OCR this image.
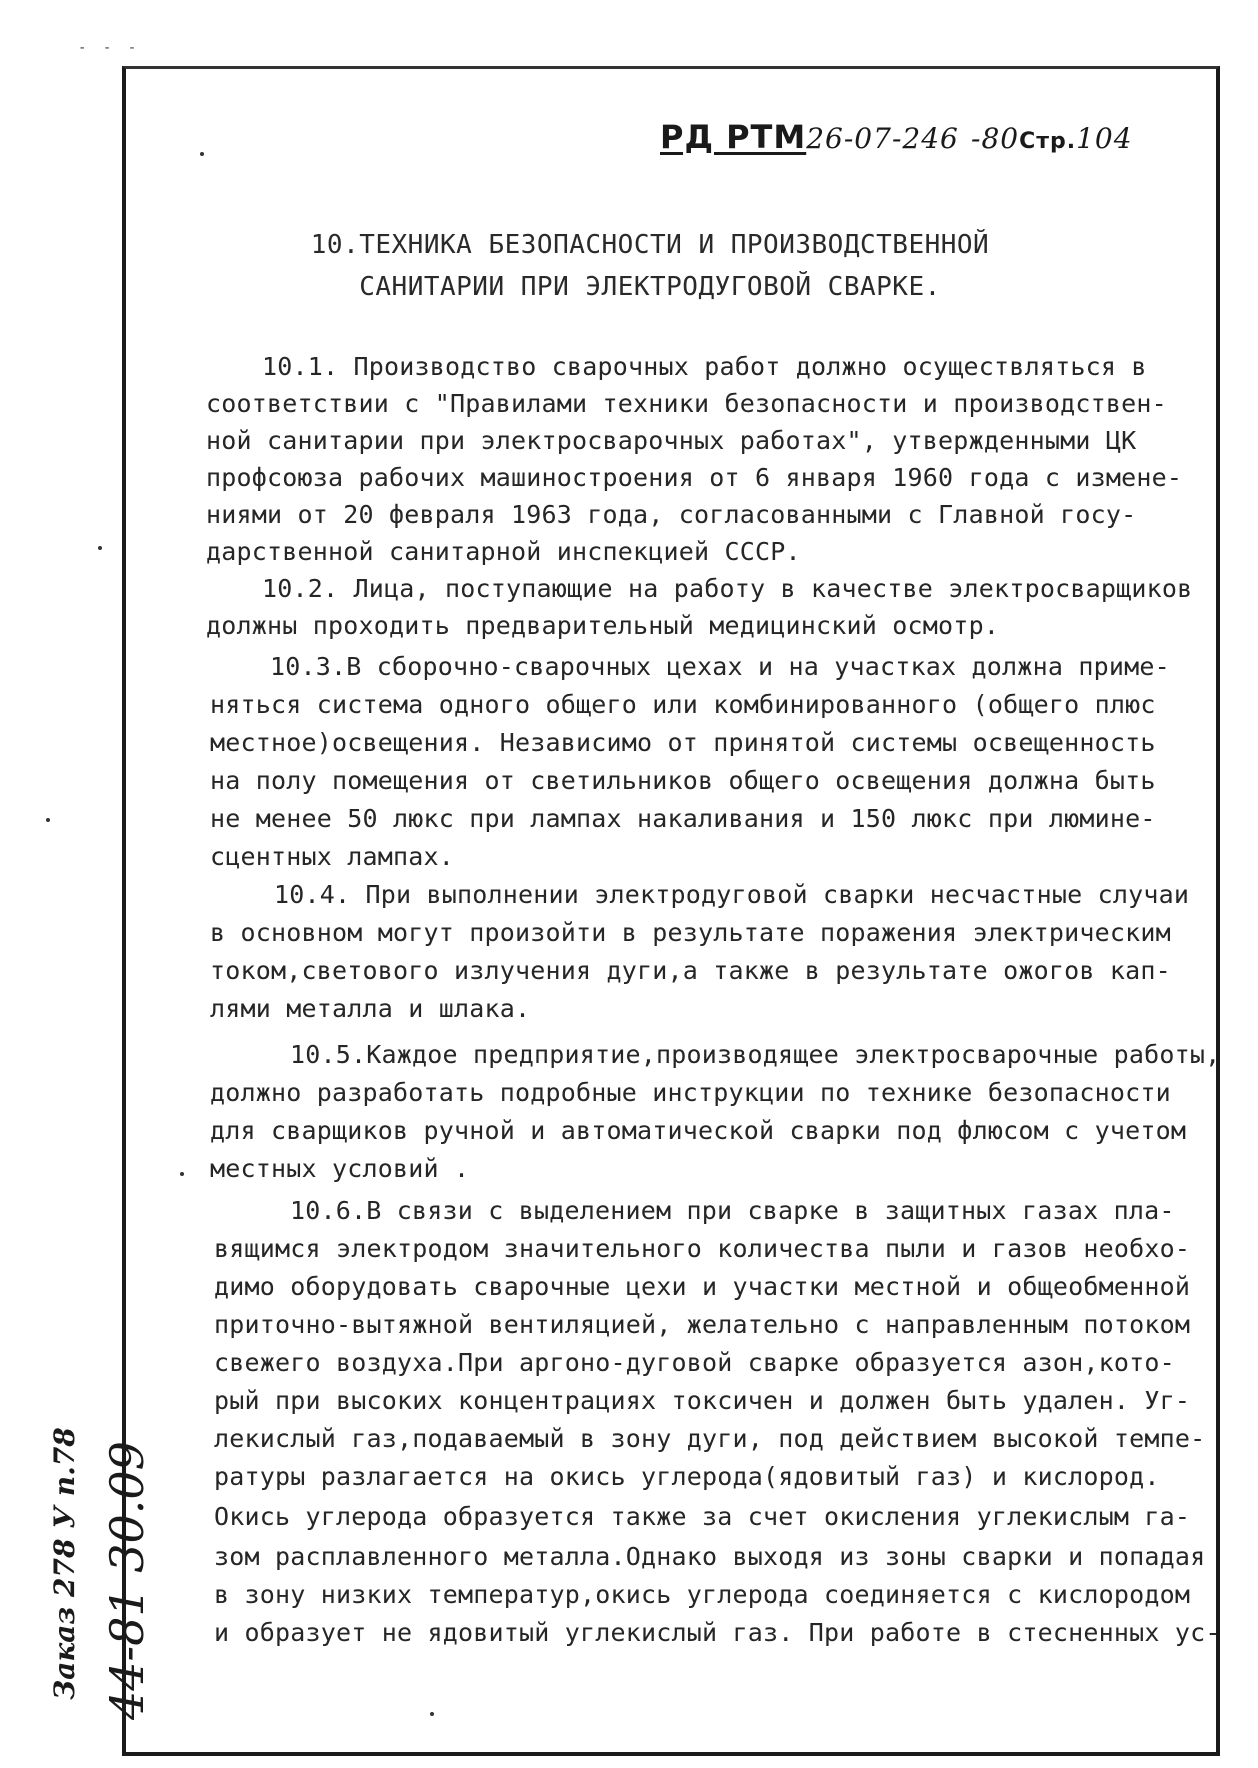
- - -
РД РТМ26-07-246 -80Стр.104
10.ТЕХНИКА БЕЗОПАСНОСТИ И ПРОИЗВОДСТВЕННОЙ
САНИТАРИИ ПРИ ЭЛЕКТРОДУГОВОЙ СВАРКЕ.
10.1. Производство сварочных работ должно осуществляться в
соответствии с "Правилами техники безопасности и производствен-
ной санитарии при электросварочных работах", утвержденными ЦК
профсоюза рабочих машиностроения от 6 января 1960 года с измене-
ниями от 20 февраля 1963 года, согласованными с Главной госу-
дарственной санитарной инспекцией СССР.
10.2. Лица, поступающие на работу в качестве электросварщиков
должны проходить предварительный медицинский осмотр.
10.3.В сборочно-сварочных цехах и на участках должна приме-
няться система одного общего или комбинированного (общего плюс
местное)освещения. Независимо от принятой системы освещенность
на полу помещения от светильников общего освещения должна быть
не менее 50 люкс при лампах накаливания и 150 люкс при люмине-
сцентных лампах.
10.4. При выполнении электродуговой сварки несчастные случаи
в основном могут произойти в результате поражения электрическим
током,светового излучения дуги,а также в результате ожогов кап-
лями металла и шлака.
10.5.Каждое предприятие,производящее электросварочные работы,
должно разработать подробные инструкции по технике безопасности
для сварщиков ручной и автоматической сварки под флюсом с учетом
местных условий .
10.6.В связи с выделением при сварке в защитных газах пла-
вящимся электродом значительного количества пыли и газов необхо-
димо оборудовать сварочные цехи и участки местной и общеобменной
приточно-вытяжной вентиляцией, желательно с направленным потоком
свежего воздуха.При аргоно-дуговой сварке образуется азон,кото-
рый при высоких концентрациях токсичен и должен быть удален. Уг-
лекислый газ,подаваемый в зону дуги, под действием высокой темпе-
ратуры разлагается на окись углерода(ядовитый газ) и кислород.
Окись углерода образуется также за счет окисления углекислым га-
зом расплавленного металла.Однако выходя из зоны сварки и попадая
в зону низких температур,окись углерода соединяется с кислородом
и образует не ядовитый углекислый газ. При работе в стесненных ус-
Заказ 278 У п.78 44-81 30.09
